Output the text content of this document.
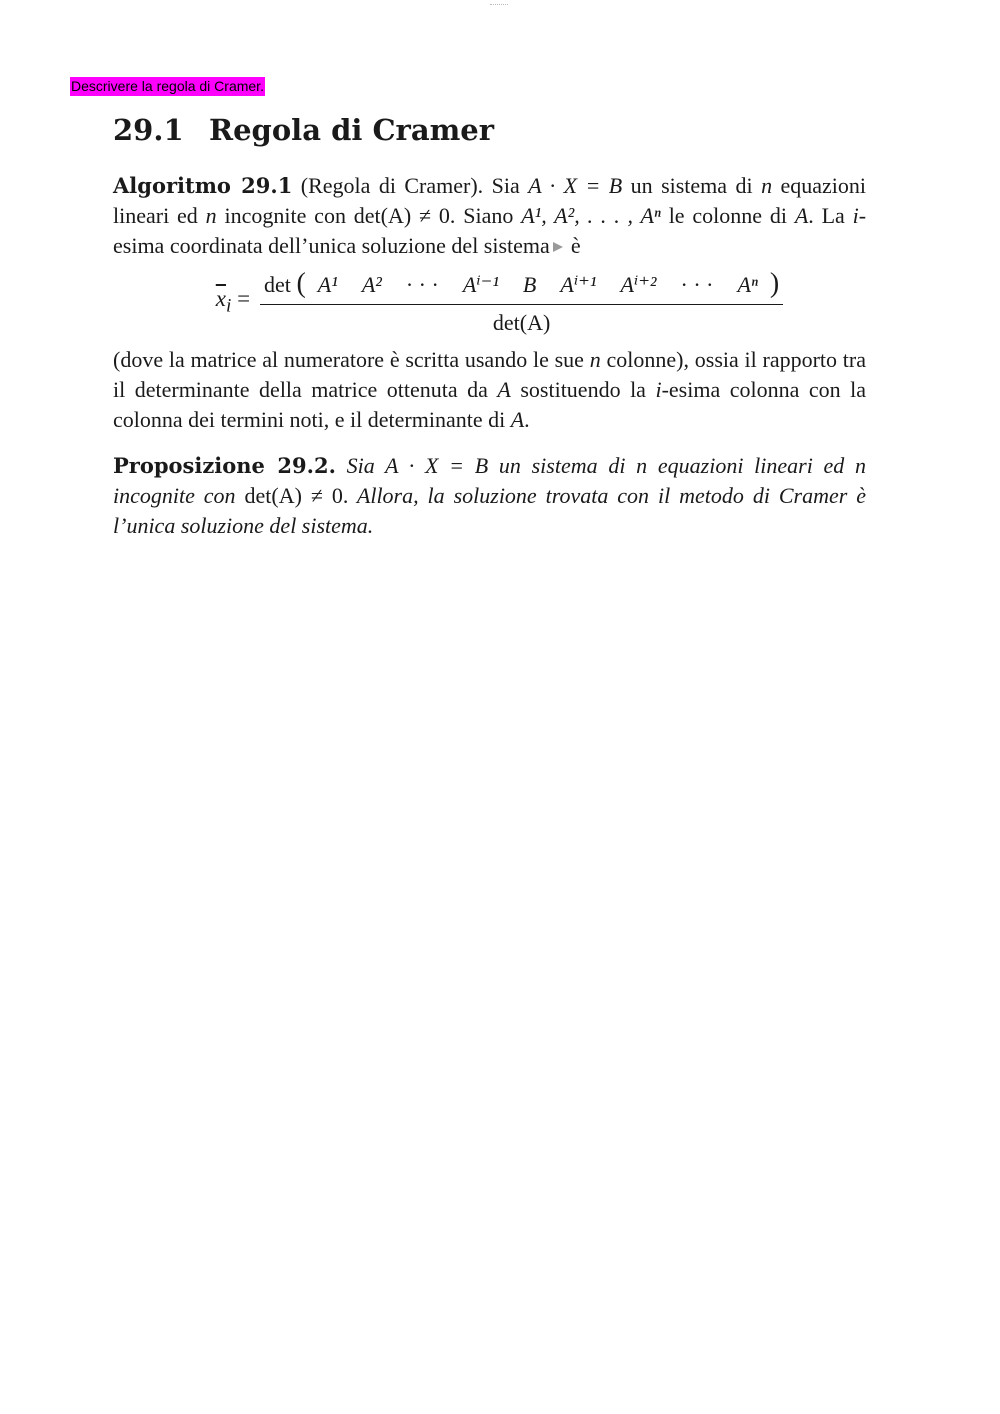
Descrivere la regola di Cramer.
29.1 Regola di Cramer

Algoritmo 29.1 (Regola di Cramer). Sia A · X = B un sistema di n equazioni lineari ed n incognite con det(A) ≠ 0. Siano A¹, A², . . . , Aⁿ le colonne di A. La i-esima coordinata dell’unica soluzione del sistema è

$\overline{x}_i = \frac{\text{det ( A¹ A² · · · Aⁱ⁻¹ B Aⁱ⁺¹ Aⁱ⁺² · · · Aⁿ )}}{\det(A)}$

(dove la matrice al numeratore è scritta usando le sue n colonne), ossia il rapporto tra il determinante della matrice ottenuta da A sostituendo la i-esima colonna con la colonna dei termini noti, e il determinante di A.

Proposizione 29.2. Sia A · X = B un sistema di n equazioni lineari ed n incognite con det(A) ≠ 0. Allora, la soluzione trovata con il metodo di Cramer è l’unica soluzione del sistema.
